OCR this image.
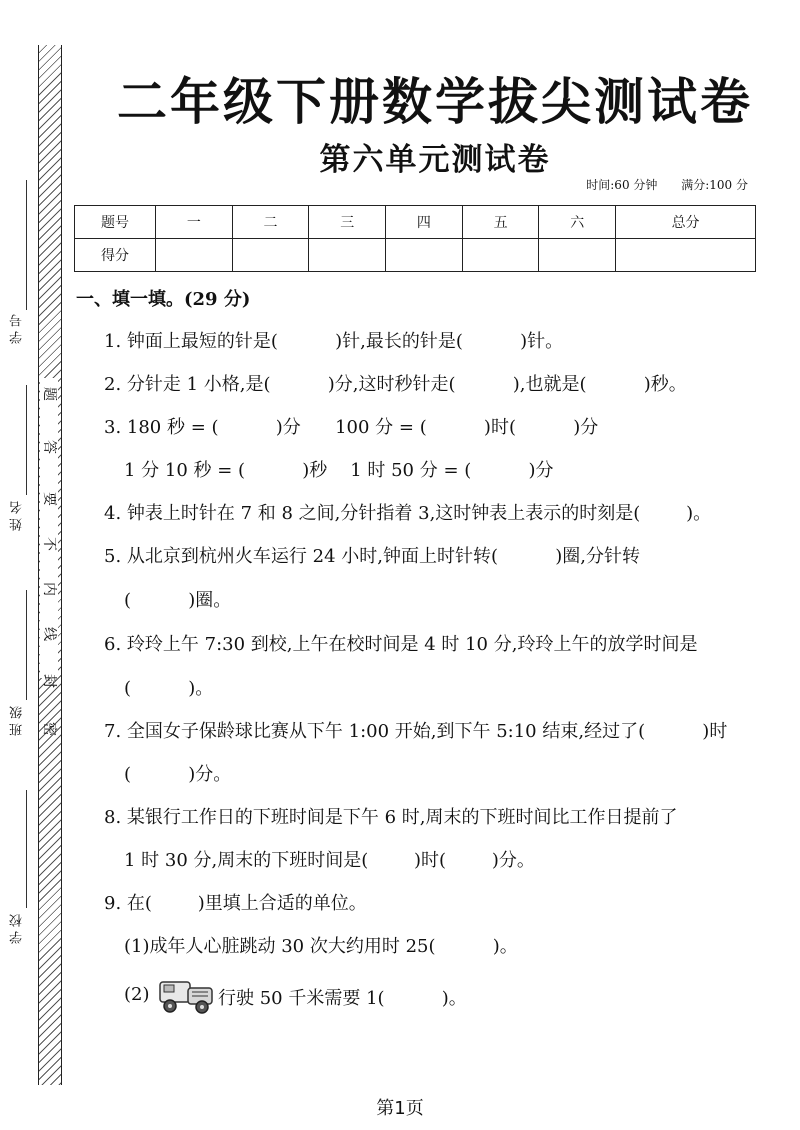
题
答
要
不
内
线
封
密
学号
姓名
班级
学校
二年级下册数学拔尖测试卷
第六单元测试卷
时间:60 分钟 满分:100 分
题号	一	二	三	四	五	六	总分
得分							
一、填一填。(29 分)
1. 钟面上最短的针是(          )针,最长的针是(          )针。
2. 分针走 1 小格,是(          )分,这时秒针走(          ),也就是(          )秒。
3. 180 秒 = (          )分      100 分 = (          )时(          )分
1 分 10 秒 = (          )秒    1 时 50 分 = (          )分
4. 钟表上时针在 7 和 8 之间,分针指着 3,这时钟表上表示的时刻是(        )。
5. 从北京到杭州火车运行 24 小时,钟面上时针转(          )圈,分针转
(          )圈。
6. 玲玲上午 7:30 到校,上午在校时间是 4 时 10 分,玲玲上午的放学时间是
(          )。
7. 全国女子保龄球比赛从下午 1:00 开始,到下午 5:10 结束,经过了(          )时
(          )分。
8. 某银行工作日的下班时间是下午 6 时,周末的下班时间比工作日提前了
1 时 30 分,周末的下班时间是(        )时(        )分。
9. 在(        )里填上合适的单位。
(1)成年人心脏跳动 30 次大约用时 25(          )。
(2)	行驶 50 千米需要 1(          )。
第1页
